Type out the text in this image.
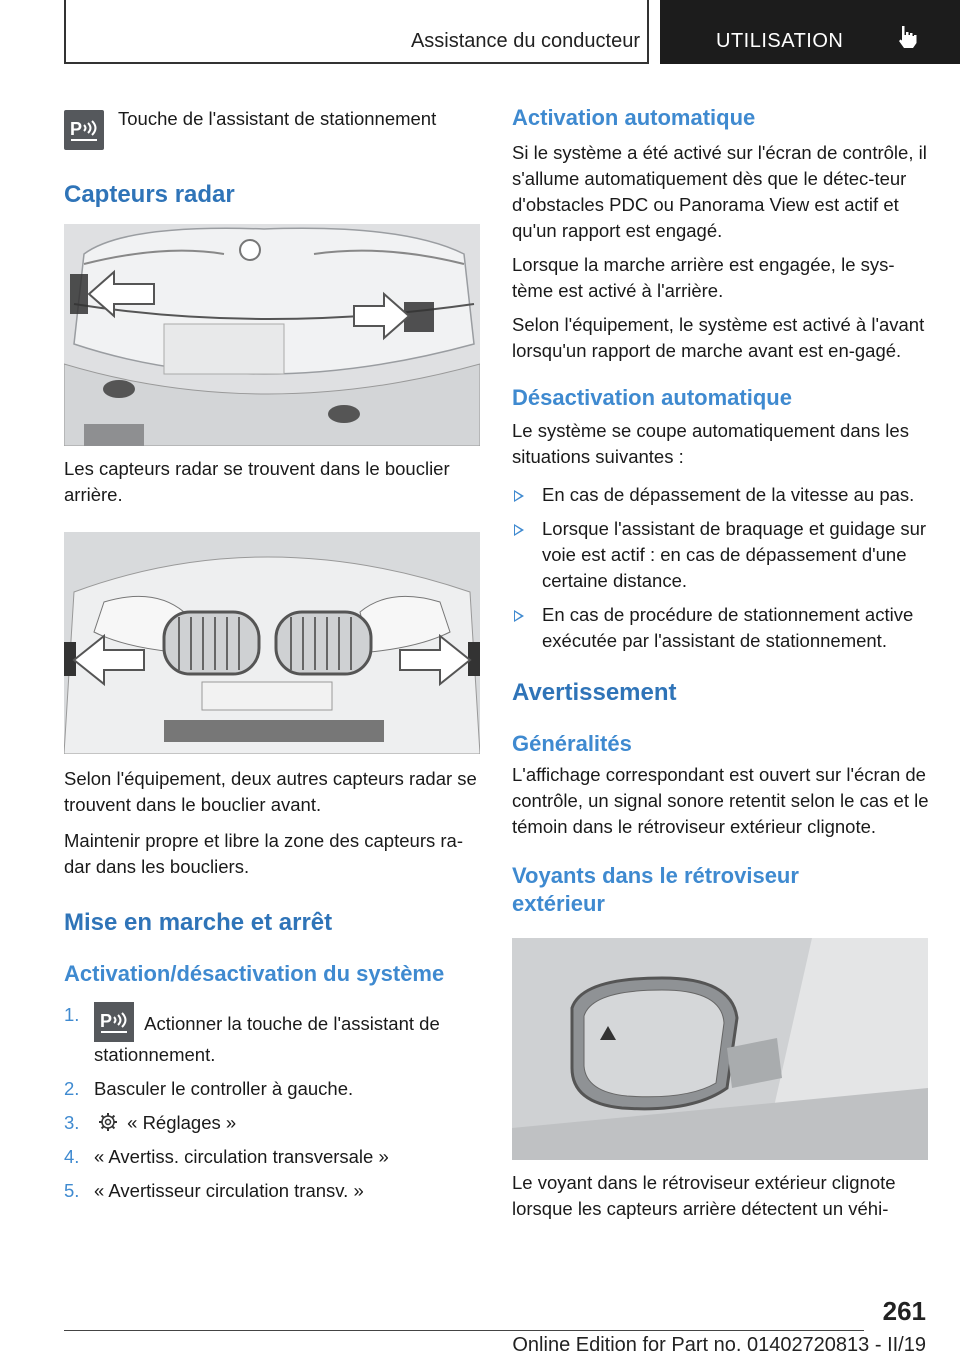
Assistance du conducteur	UTILISATION
P Touche de l'assistant de stationnement

Capteurs radar

Les capteurs radar se trouvent dans le bouclier arrière.

Selon l'équipement, deux autres capteurs radar se trouvent dans le bouclier avant.

Maintenir propre et libre la zone des capteurs ra-dar dans les boucliers.

Mise en marche et arrêt
Activation/désactivation du système
1. P Actionner la touche de l'assistant de stationnement.
2. Basculer le controller à gauche.
3.	« Réglages »
4. « Avertiss. circulation transversale »
5. « Avertisseur circulation transv. »
Activation automatique

Si le système a été activé sur l'écran de contrôle, il s'allume automatiquement dès que le détec-teur d'obstacles PDC ou Panorama View est actif et qu'un rapport est engagé.

Lorsque la marche arrière est engagée, le sys-tème est activé à l'arrière.

Selon l'équipement, le système est activé à l'avant lorsqu'un rapport de marche avant est en-gagé.

Désactivation automatique

Le système se coupe automatiquement dans les situations suivantes :

En cas de dépassement de la vitesse au pas.
Lorsque l'assistant de braquage et guidage sur voie est actif : en cas de dépassement d'une certaine distance.
En cas de procédure de stationnement active exécutée par l'assistant de stationnement.
Avertissement
Généralités

L'affichage correspondant est ouvert sur l'écran de contrôle, un signal sonore retentit selon le cas et le témoin dans le rétroviseur extérieur clignote.

Voyants dans le rétroviseur extérieur

Le voyant dans le rétroviseur extérieur clignote lorsque les capteurs arrière détectent un véhi-

261
Online Edition for Part no. 01402720813 - II/19
